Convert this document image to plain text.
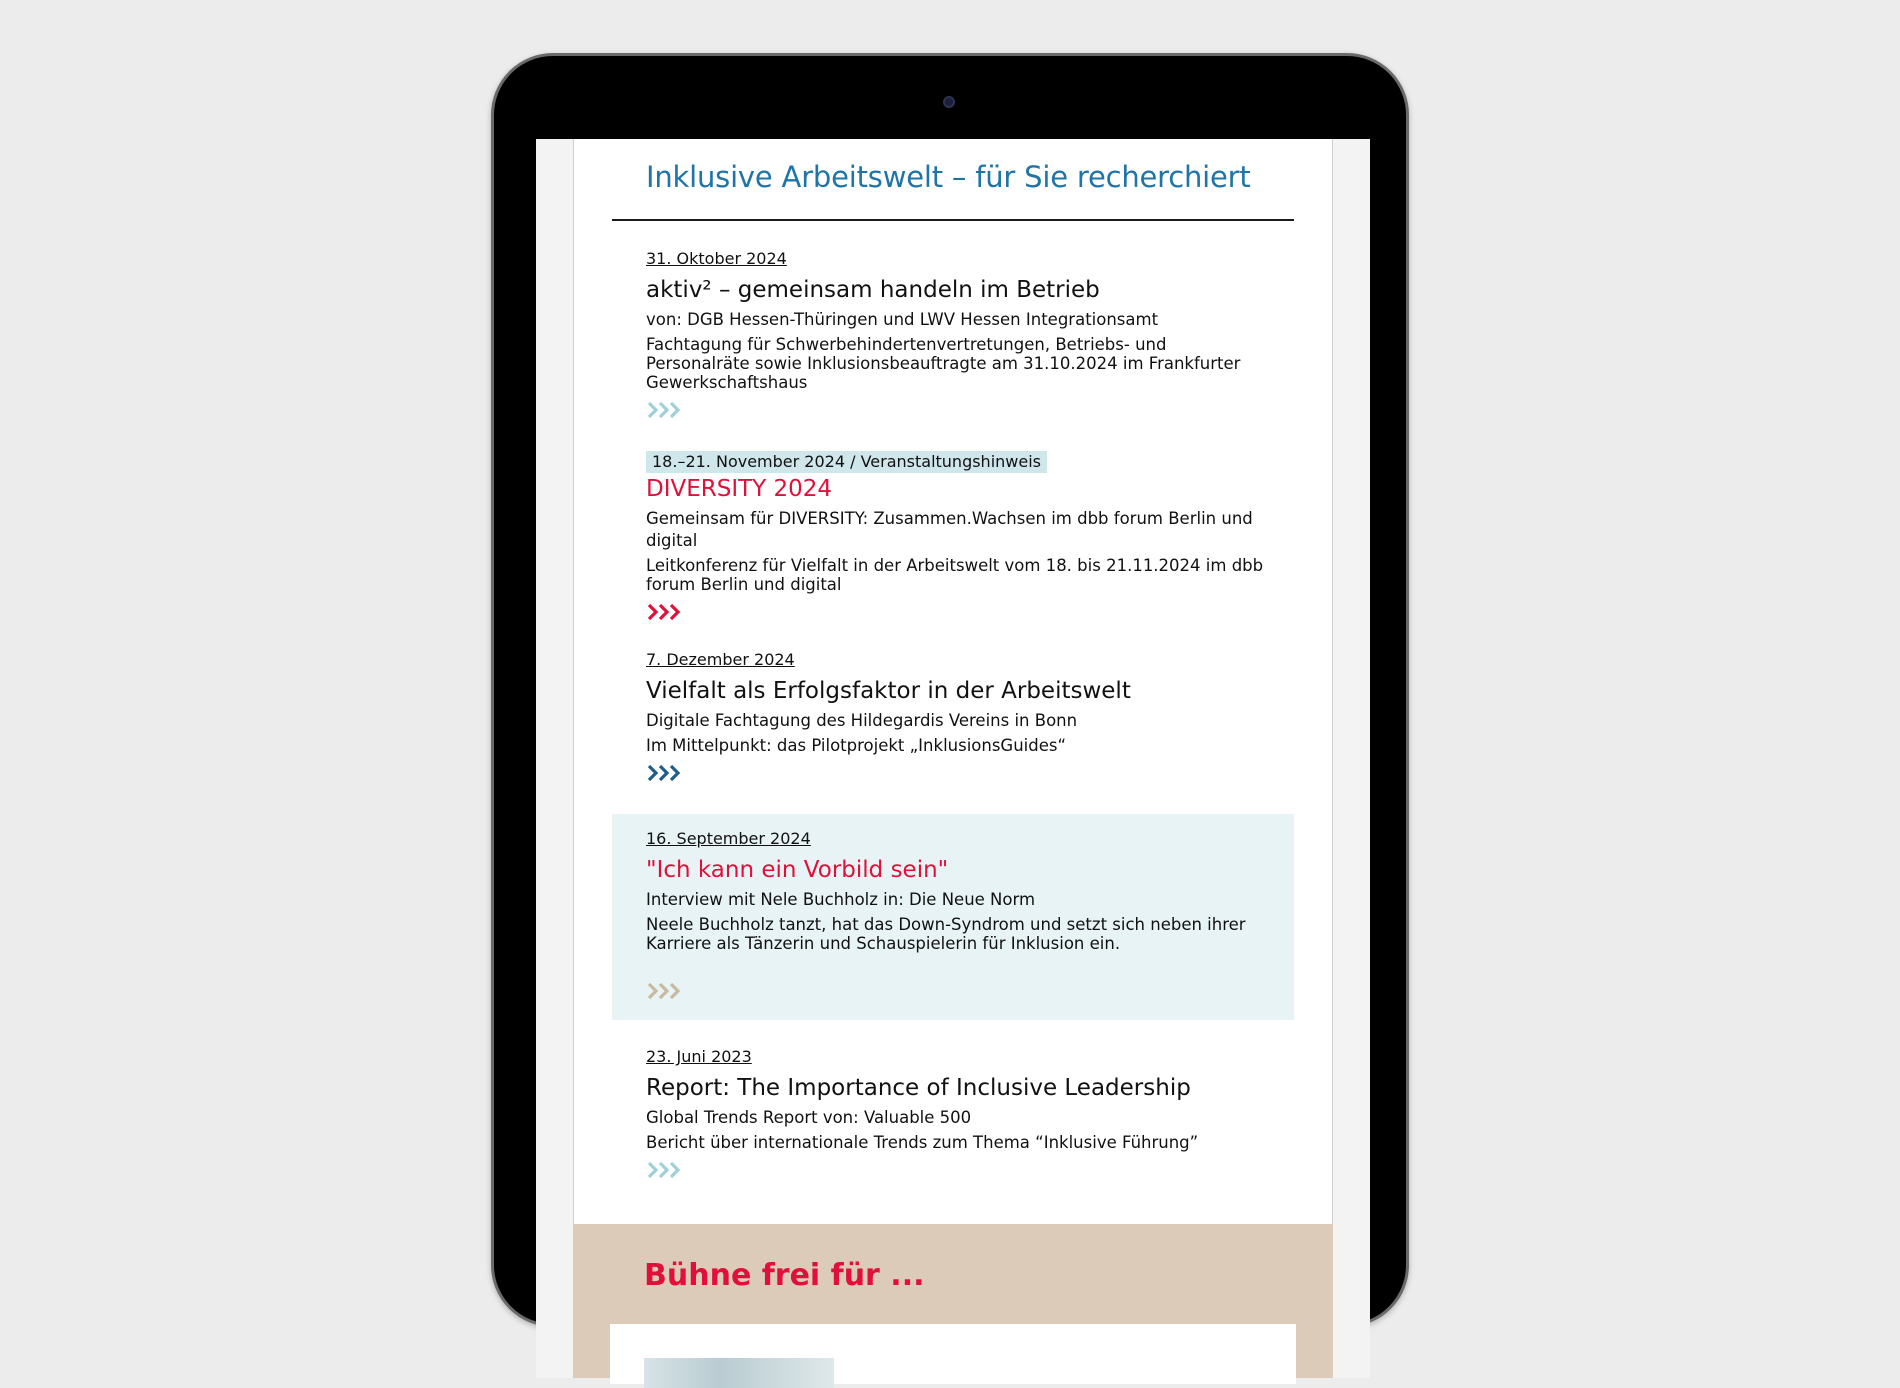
Inklusive Arbeitswelt – für Sie recherchiert
31. Oktober 2024
aktiv² – gemeinsam handeln im Betrieb
von: DGB Hessen-Thüringen und LWV Hessen Integrationsamt
Fachtagung für Schwerbehindertenvertretungen, Betriebs- und Personalräte sowie Inklusionsbeauftragte am 31.10.2024 im Frankfurter Gewerkschaftshaus
18.–21. November 2024 / Veranstaltungshinweis
DIVERSITY 2024
Gemeinsam für DIVERSITY: Zusammen.Wachsen im dbb forum Berlin und digital
Leitkonferenz für Vielfalt in der Arbeitswelt vom 18. bis 21.11.2024 im dbb forum Berlin und digital
7. Dezember 2024
Vielfalt als Erfolgsfaktor in der Arbeitswelt
Digitale Fachtagung des Hildegardis Vereins in Bonn
Im Mittelpunkt: das Pilotprojekt „InklusionsGuides“
16. September 2024
"Ich kann ein Vorbild sein"
Interview mit Nele Buchholz in: Die Neue Norm
Neele Buchholz tanzt, hat das Down-Syndrom und setzt sich neben ihrer Karriere als Tänzerin und Schauspielerin für Inklusion ein.
23. Juni 2023
Report: The Importance of Inclusive Leadership
Global Trends Report von: Valuable 500
Bericht über internationale Trends zum Thema “Inklusive Führung”
Bühne frei für ...
